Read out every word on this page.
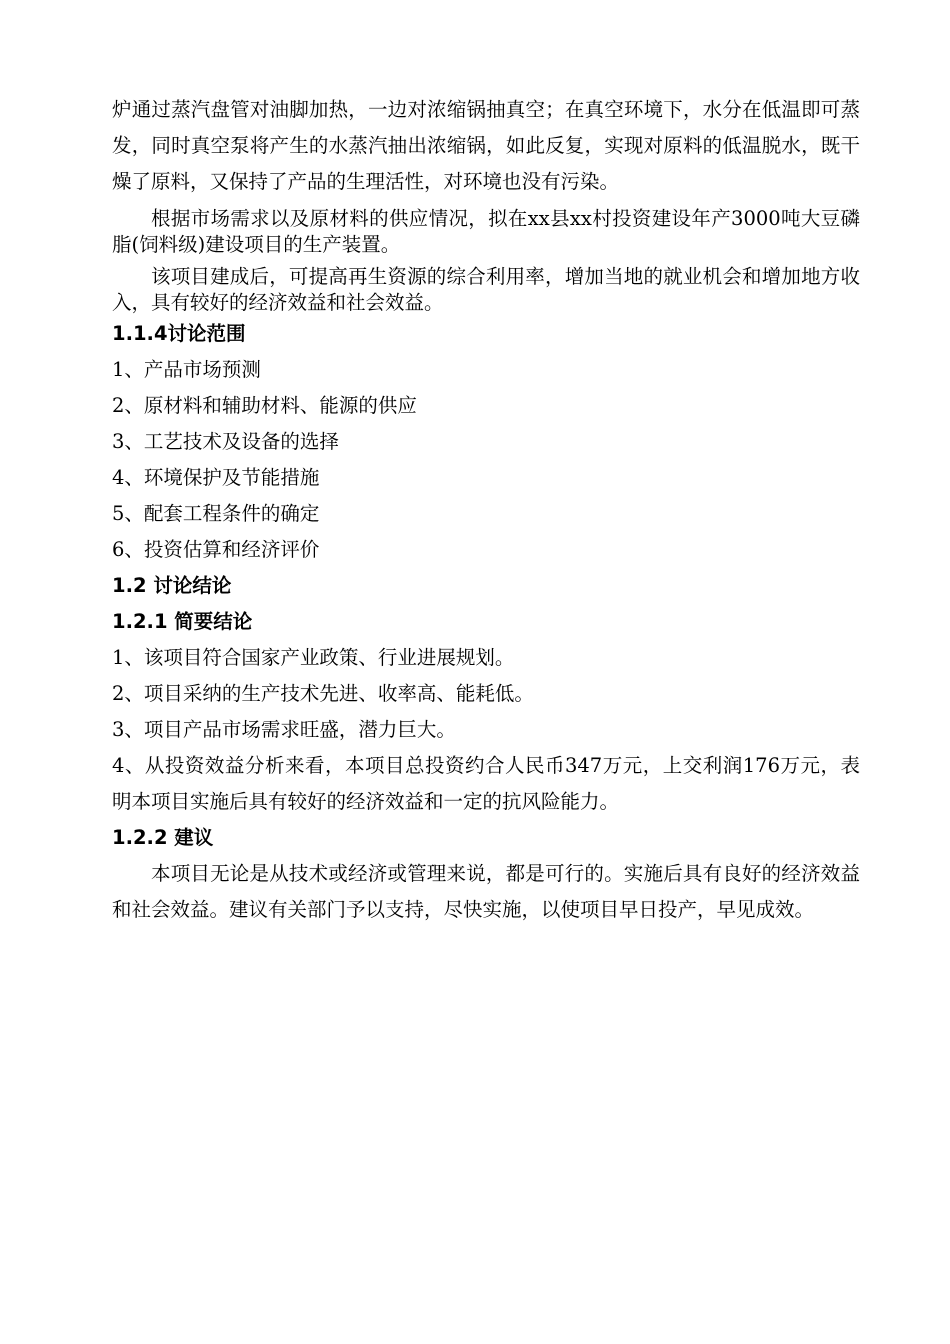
炉通过蒸汽盘管对油脚加热，一边对浓缩锅抽真空；在真空环境下，水分在低温即可蒸发，同时真空泵将产生的水蒸汽抽出浓缩锅，如此反复，实现对原料的低温脱水，既干燥了原料，又保持了产品的生理活性，对环境也没有污染。

根据市场需求以及原材料的供应情况，拟在xx县xx村投资建设年产3000吨大豆磷脂(饲料级)建设项目的生产装置。

该项目建成后，可提高再生资源的综合利用率，增加当地的就业机会和增加地方收入，具有较好的经济效益和社会效益。

1.1.4讨论范围

1、产品市场预测

2、原材料和辅助材料、能源的供应

3、工艺技术及设备的选择

4、环境保护及节能措施

5、配套工程条件的确定

6、投资估算和经济评价

1.2 讨论结论
1.2.1 简要结论

1、该项目符合国家产业政策、行业进展规划。

2、项目采纳的生产技术先进、收率高、能耗低。

3、项目产品市场需求旺盛，潜力巨大。

4、从投资效益分析来看，本项目总投资约合人民币347万元，上交利润176万元，表明本项目实施后具有较好的经济效益和一定的抗风险能力。

1.2.2 建议

本项目无论是从技术或经济或管理来说，都是可行的。实施后具有良好的经济效益和社会效益。建议有关部门予以支持，尽快实施，以使项目早日投产，早见成效。
